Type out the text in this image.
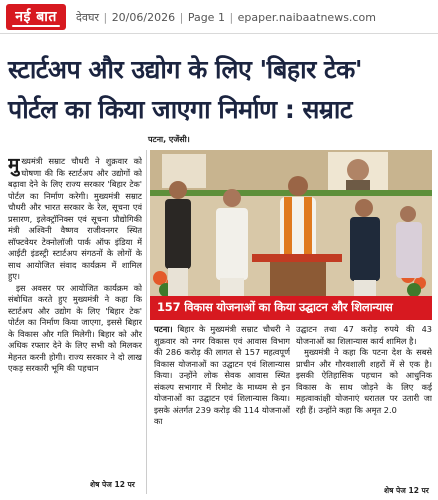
नई बात	देवघर | 20/06/2026 | Page 1 | epaper.naibaatnews.com
स्टार्टअप और उद्योग के लिए 'बिहार टेक'
पोर्टल का किया जाएगा निर्माण : सम्राट
पटना, एजेंसी।

मुख्यमंत्री सम्राट चौधरी ने शुक्रवार को घोषणा की कि स्टार्टअप और उद्योगों को बढ़ावा देने के लिए राज्य सरकार 'बिहार टेक' पोर्टल का निर्माण करेगी। मुख्यमंत्री सम्राट चौधरी और भारत सरकार के रेल, सूचना एवं प्रसारण, इलेक्ट्रॉनिक्स एवं सूचना प्रौद्योगिकी मंत्री अश्विनी वैष्णव राजीवनगर स्थित सॉफ्टवेयर टेक्नोलॉजी पार्क ऑफ इंडिया में आईटी इंडस्ट्री स्टार्टअप संगठनों के लोगों के साथ आयोजित संवाद कार्यक्रम में शामिल हुए।

इस अवसर पर आयोजित कार्यक्रम को संबोधित करते हुए मुख्यमंत्री ने कहा कि स्टार्टअप और उद्योग के लिए 'बिहार टेक' पोर्टल का निर्माण किया जाएगा, इससे बिहार के विकास और गति मिलेगी। बिहार को और अधिक रफ्तार देने के लिए सभी को मिलकर मेहनत करनी होगी। राज्य सरकार ने दो लाख एकड़ सरकारी भूमि की पहचान

शेष पेज 12 पर
157 विकास योजनाओं का किया उद्घाटन और शिलान्यास

पटना। बिहार के मुख्यमंत्री सम्राट चौधरी ने शुक्रवार को नगर विकास एवं आवास विभाग की 286 करोड़ की लागत से 157 महत्वपूर्ण विकास योजनाओं का उद्घाटन एवं शिलान्यास किया। उन्होंने लोक सेवक आवास स्थित संकल्प सभागार में रिमोट के माध्यम से इन योजनाओं का उद्घाटन एवं शिलान्यास किया। इसके अंतर्गत 239 करोड़ की 114 योजनाओं का

उद्घाटन तथा 47 करोड़ रुपये की 43 योजनाओं का शिलान्यास कार्य शामिल है।

मुख्यमंत्री ने कहा कि पटना देश के सबसे प्राचीन और गौरवशाली शहरों में से एक है। इसकी ऐतिहासिक पहचान को आधुनिक विकास के साथ जोड़ने के लिए कई महत्वाकांक्षी योजनाएं धरातल पर उतारी जा रही हैं। उन्होंने कहा कि अमृत 2.0

शेष पेज 12 पर
